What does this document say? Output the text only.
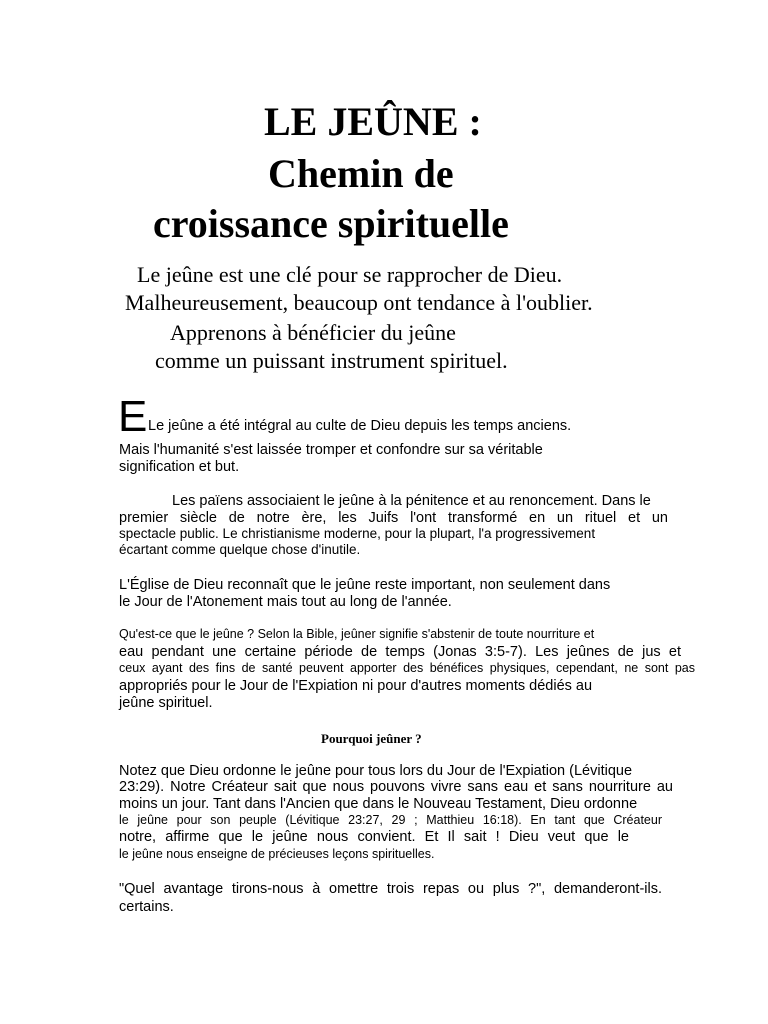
LE JEÛNE :
Chemin de
croissance spirituelle
Le jeûne est une clé pour se rapprocher de Dieu.
Malheureusement, beaucoup ont tendance à l'oublier.
Apprenons à bénéficier du jeûne
comme un puissant instrument spirituel.
E Le jeûne a été intégral au culte de Dieu depuis les temps anciens.
Mais l'humanité s'est laissée tromper et confondre sur sa véritable
signification et but.
Les païens associaient le jeûne à la pénitence et au renoncement. Dans le
premier siècle de notre ère, les Juifs l'ont transformé en un rituel et un
spectacle public. Le christianisme moderne, pour la plupart, l'a progressivement
écartant comme quelque chose d'inutile.
L'Église de Dieu reconnaît que le jeûne reste important, non seulement dans
le Jour de l'Atonement mais tout au long de l'année.
Qu'est-ce que le jeûne ? Selon la Bible, jeûner signifie s'abstenir de toute nourriture et
eau pendant une certaine période de temps (Jonas 3:5-7). Les jeûnes de jus et
ceux ayant des fins de santé peuvent apporter des bénéfices physiques, cependant, ne sont pas
appropriés pour le Jour de l'Expiation ni pour d'autres moments dédiés au
jeûne spirituel.
Pourquoi jeûner ?
Notez que Dieu ordonne le jeûne pour tous lors du Jour de l'Expiation (Lévitique
23:29). Notre Créateur sait que nous pouvons vivre sans eau et sans nourriture au
moins un jour. Tant dans l'Ancien que dans le Nouveau Testament, Dieu ordonne
le jeûne pour son peuple (Lévitique 23:27, 29 ; Matthieu 16:18). En tant que Créateur
notre, affirme que le jeûne nous convient. Et Il sait ! Dieu veut que le
le jeûne nous enseigne de précieuses leçons spirituelles.
"Quel avantage tirons-nous à omettre trois repas ou plus ?", demanderont-ils.
certains.
